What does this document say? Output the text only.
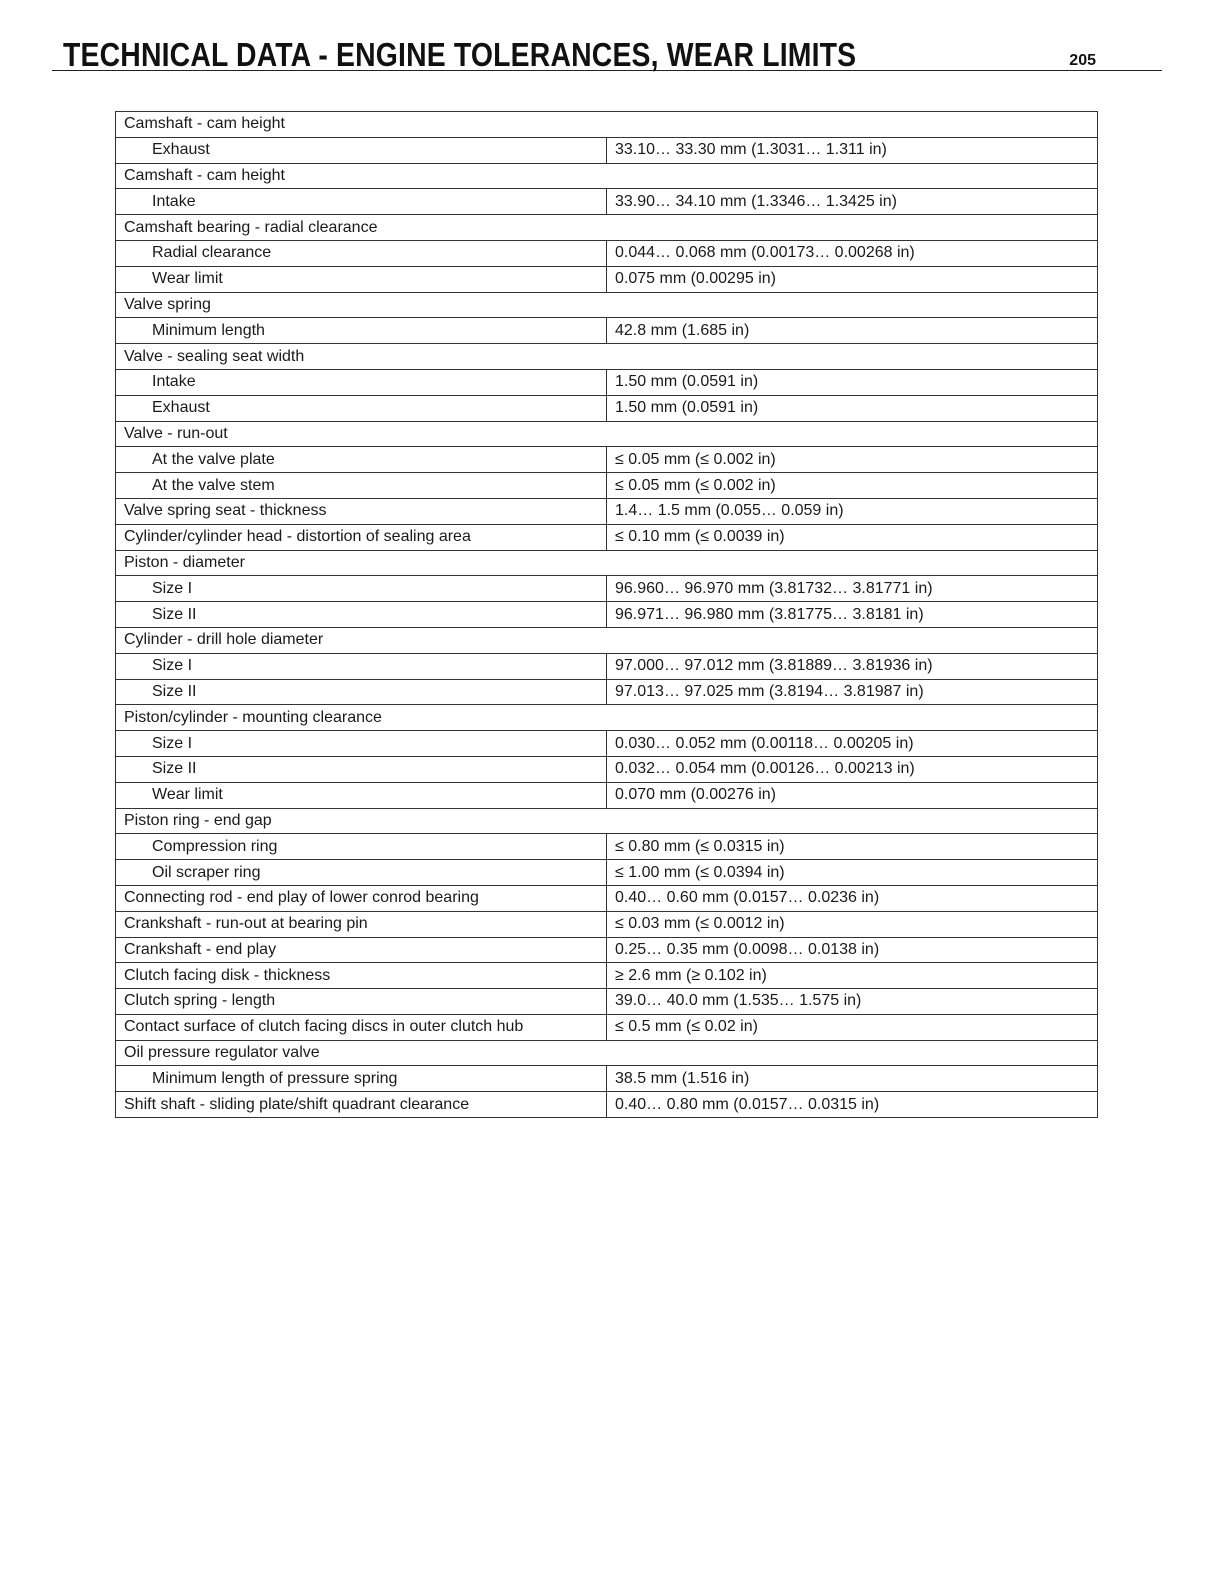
TECHNICAL DATA - ENGINE TOLERANCES, WEAR LIMITS	205
Camshaft - cam height	
Exhaust	33.10… 33.30 mm (1.3031… 1.311 in)
Camshaft - cam height	
Intake	33.90… 34.10 mm (1.3346… 1.3425 in)
Camshaft bearing - radial clearance	
Radial clearance	0.044… 0.068 mm (0.00173… 0.00268 in)
Wear limit	0.075 mm (0.00295 in)
Valve spring	
Minimum length	42.8 mm (1.685 in)
Valve - sealing seat width	
Intake	1.50 mm (0.0591 in)
Exhaust	1.50 mm (0.0591 in)
Valve - run-out	
At the valve plate	≤ 0.05 mm (≤ 0.002 in)
At the valve stem	≤ 0.05 mm (≤ 0.002 in)
Valve spring seat - thickness	1.4… 1.5 mm (0.055… 0.059 in)
Cylinder/cylinder head - distortion of sealing area	≤ 0.10 mm (≤ 0.0039 in)
Piston - diameter	
Size I	96.960… 96.970 mm (3.81732… 3.81771 in)
Size II	96.971… 96.980 mm (3.81775… 3.8181 in)
Cylinder - drill hole diameter	
Size I	97.000… 97.012 mm (3.81889… 3.81936 in)
Size II	97.013… 97.025 mm (3.8194… 3.81987 in)
Piston/cylinder - mounting clearance	
Size I	0.030… 0.052 mm (0.00118… 0.00205 in)
Size II	0.032… 0.054 mm (0.00126… 0.00213 in)
Wear limit	0.070 mm (0.00276 in)
Piston ring - end gap	
Compression ring	≤ 0.80 mm (≤ 0.0315 in)
Oil scraper ring	≤ 1.00 mm (≤ 0.0394 in)
Connecting rod - end play of lower conrod bearing	0.40… 0.60 mm (0.0157… 0.0236 in)
Crankshaft - run-out at bearing pin	≤ 0.03 mm (≤ 0.0012 in)
Crankshaft - end play	0.25… 0.35 mm (0.0098… 0.0138 in)
Clutch facing disk - thickness	≥ 2.6 mm (≥ 0.102 in)
Clutch spring - length	39.0… 40.0 mm (1.535… 1.575 in)
Contact surface of clutch facing discs in outer clutch hub	≤ 0.5 mm (≤ 0.02 in)
Oil pressure regulator valve	
Minimum length of pressure spring	38.5 mm (1.516 in)
Shift shaft - sliding plate/shift quadrant clearance	0.40… 0.80 mm (0.0157… 0.0315 in)
